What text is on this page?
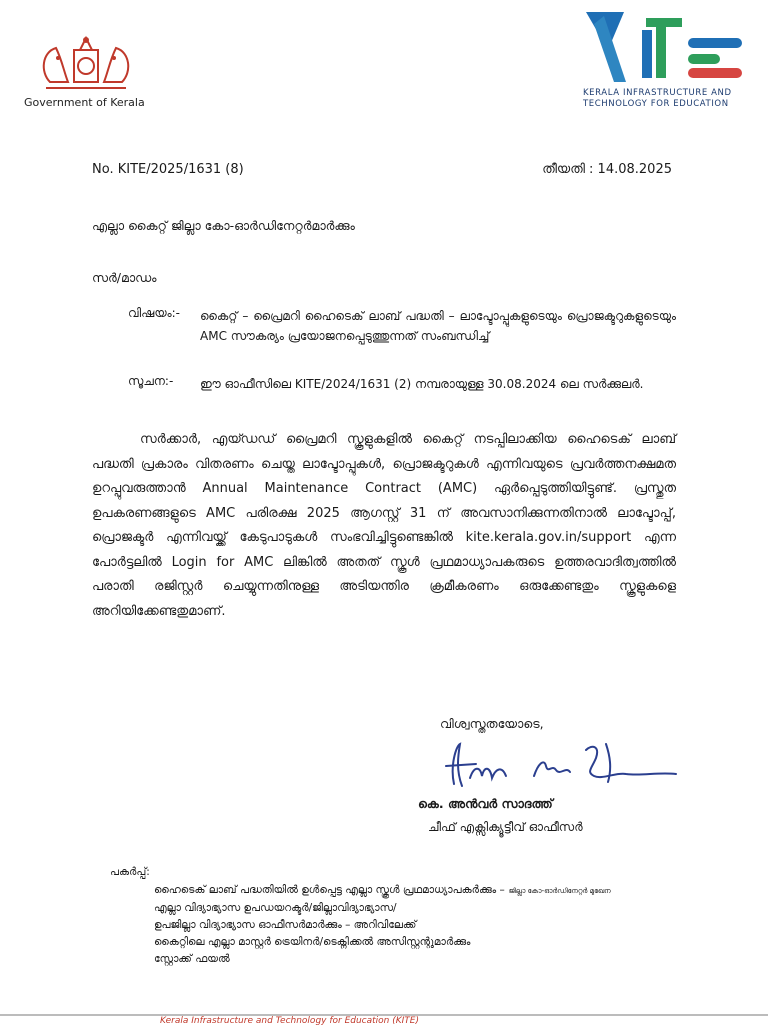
Government of Kerala
KERALA INFRASTRUCTURE AND
TECHNOLOGY FOR EDUCATION
No. KITE/2025/1631 (8)	തീയതി : 14.08.2025
എല്ലാ കൈറ്റ് ജില്ലാ കോ-ഓർഡിനേറ്റർമാർക്കും
സർ/മാഡം
വിഷയം:- കൈറ്റ് – പ്രൈമറി ഹൈടെക് ലാബ് പദ്ധതി – ലാപ്ടോപ്പുകളുടെയും പ്രൊജക്ടറുകളുടെയും AMC സൗകര്യം പ്രയോജനപ്പെടുത്തുന്നത് സംബന്ധിച്ച്
സൂചന:- ഈ ഓഫീസിലെ KITE/2024/1631 (2) നമ്പരായുള്ള 30.08.2024 ലെ സർക്കുലർ.
സർക്കാർ, എയ്ഡഡ് പ്രൈമറി സ്കൂളുകളിൽ കൈറ്റ് നടപ്പിലാക്കിയ ഹൈടെക് ലാബ് പദ്ധതി പ്രകാരം വിതരണം ചെയ്ത ലാപ്ടോപ്പുകൾ, പ്രൊജക്ടറുകൾ എന്നിവയുടെ പ്രവർത്തനക്ഷമത ഉറപ്പുവരുത്താൻ Annual Maintenance Contract (AMC) ഏർപ്പെടുത്തിയിട്ടുണ്ട്. പ്രസ്തുത ഉപകരണങ്ങളുടെ AMC പരിരക്ഷ 2025 ആഗസ്റ്റ് 31 ന് അവസാനിക്കുന്നതിനാൽ ലാപ്ടോപ്പ്, പ്രൊജക്ടർ എന്നിവയ്ക്ക് കേടുപാടുകൾ സംഭവിച്ചിട്ടുണ്ടെങ്കിൽ kite.kerala.gov.in/support എന്ന പോർട്ടലിൽ Login for AMC ലിങ്കിൽ അതത് സ്കൂൾ പ്രഥമാധ്യാപകരുടെ ഉത്തരവാദിത്വത്തിൽ പരാതി രജിസ്റ്റർ ചെയ്യുന്നതിനുള്ള അടിയന്തിര ക്രമീകരണം ഒരുക്കേണ്ടതും സ്കൂളുകളെ അറിയിക്കേണ്ടതുമാണ്.
വിശ്വസ്തതയോടെ,
കെ. അൻവർ സാദത്ത്
ചീഫ് എക്സിക്യൂട്ടീവ് ഓഫീസർ
പകർപ്പ്:
ഹൈടെക് ലാബ് പദ്ധതിയിൽ ഉൾപ്പെട്ട എല്ലാ സ്കൂൾ പ്രഥമാധ്യാപകർക്കും – ജില്ലാ കോ-ഓർഡിനേറ്റർ മുഖേന
എല്ലാ വിദ്യാഭ്യാസ ഉപഡയറക്ടർ/ജില്ലാവിദ്യാഭ്യാസ/
ഉപജില്ലാ വിദ്യാഭ്യാസ ഓഫീസർമാർക്കും – അറിവിലേക്ക്
കൈറ്റിലെ എല്ലാ മാസ്റ്റർ ട്രെയിനർ/ടെക്നിക്കൽ അസിസ്റ്റന്റുമാർക്കും
സ്റ്റോക്ക് ഫയൽ
Kerala Infrastructure and Technology for Education (KITE)
